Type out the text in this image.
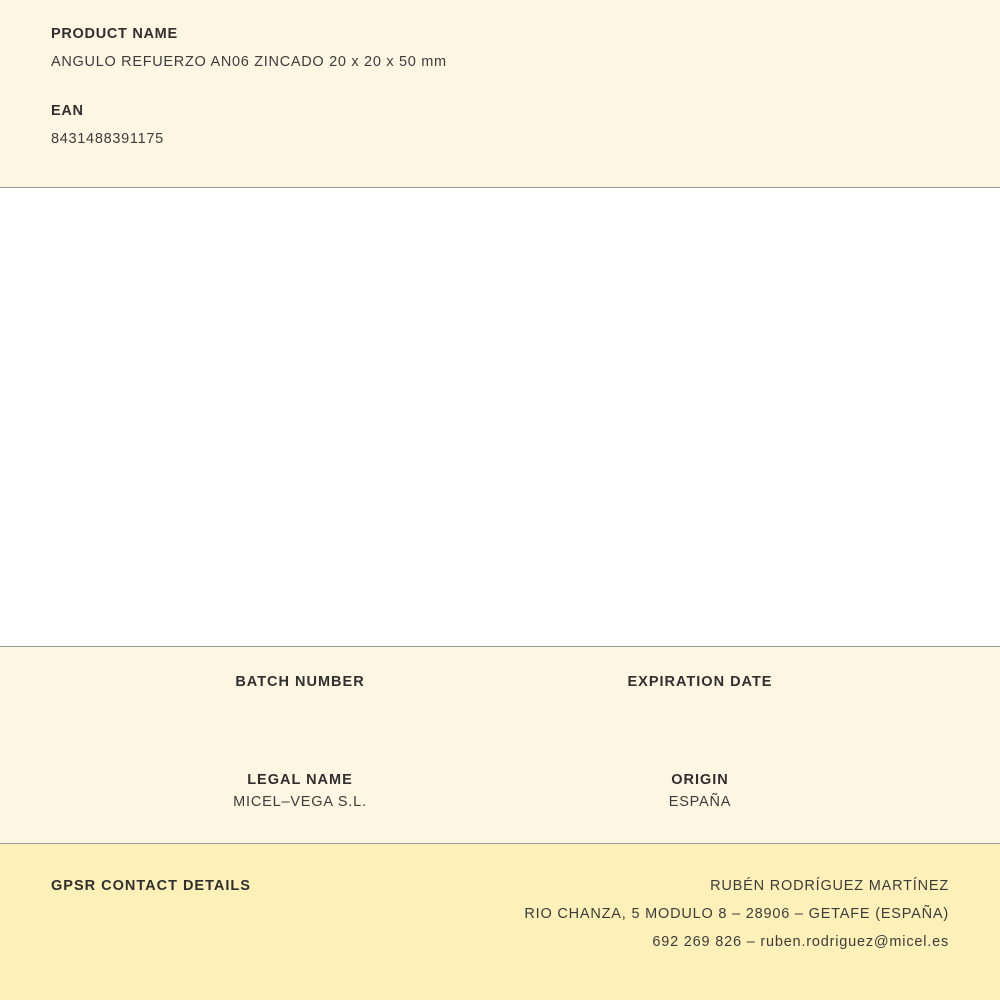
PRODUCT NAME

ANGULO REFUERZO AN06 ZINCADO 20 x 20 x 50 mm

EAN

8431488391175

BATCH NUMBER	EXPIRATION DATE

LEGAL NAME

MICEL–VEGA S.L.

ORIGIN

ESPAÑA

GPSR CONTACT DETAILS	RUBÉN RODRÍGUEZ MARTÍNEZ

RIO CHANZA, 5 MODULO 8 – 28906 – GETAFE (ESPAÑA)

692 269 826 – ruben.rodriguez@micel.es
